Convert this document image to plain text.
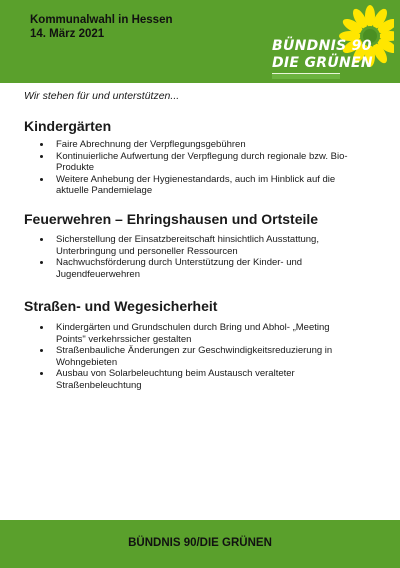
Kommunalwahl in Hessen
14. März 2021
BÜNDNIS 90
DIE GRÜNEN
Wir stehen für und unterstützen...
Kindergärten
Faire Abrechnung der Verpflegungsgebühren
Kontinuierliche Aufwertung der Verpflegung durch regionale bzw. Bio-Produkte
Weitere Anhebung der Hygienestandards, auch im Hinblick auf die aktuelle Pandemielage
Feuerwehren – Ehringshausen und Ortsteile
Sicherstellung der Einsatzbereitschaft hinsichtlich Ausstattung, Unterbringung und personeller Ressourcen
Nachwuchsförderung durch Unterstützung der Kinder- und Jugendfeuerwehren
Straßen- und Wegesicherheit
Kindergärten und Grundschulen durch Bring und Abhol- „Meeting Points" verkehrssicher gestalten
Straßenbauliche Änderungen zur Geschwindigkeitsreduzierung in Wohngebieten
Ausbau von Solarbeleuchtung beim Austausch veralteter Straßenbeleuchtung
BÜNDNIS 90/DIE GRÜNEN
